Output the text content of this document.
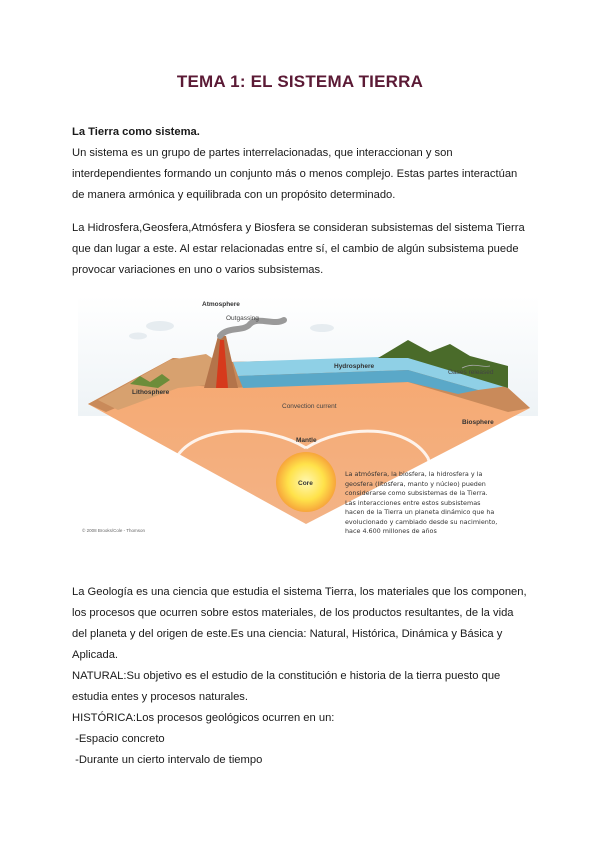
TEMA 1: EL SISTEMA TIERRA

La Tierra como sistema.

Un sistema es un grupo de partes interrelacionadas, que interaccionan y son

interdependientes formando un conjunto más o menos complejo. Estas partes interactúan

de manera armónica y equilibrada con un propósito determinado.

La Hidrosfera,Geosfera,Atmósfera y Biosfera se consideran subsistemas del sistema Tierra

que dan lugar a este. Al estar relacionadas entre sí, el cambio de algún subsistema puede

provocar variaciones en uno o varios subsistemas.

Atmosphere
Outgassing
Hydrosphere
Lithosphere
Gases released
Biosphere
Convection current
Mantle
Core
La atmósfera, la biosfera, la hidrosfera y la
geosfera (litosfera, manto y núcleo) pueden
considerarse como subsistemas de la Tierra.
Las interacciones entre estos subsistemas
hacen de la Tierra un planeta dinámico que ha
evolucionado y cambiado desde su nacimiento,
hace 4.600 millones de años
© 2008 Brooks/Cole - Thomson

La Geología es una ciencia que estudia el sistema Tierra, los materiales que los componen,

los procesos que ocurren sobre estos materiales, de los productos resultantes, de la vida

del planeta y del origen de este.Es una ciencia: Natural, Histórica, Dinámica y Básica y

Aplicada.

NATURAL:Su objetivo es el estudio de la constitución e historia de la tierra puesto que

estudia entes y procesos naturales.

HISTÓRICA:Los procesos geológicos ocurren en un:

-Espacio concreto

-Durante un cierto intervalo de tiempo
